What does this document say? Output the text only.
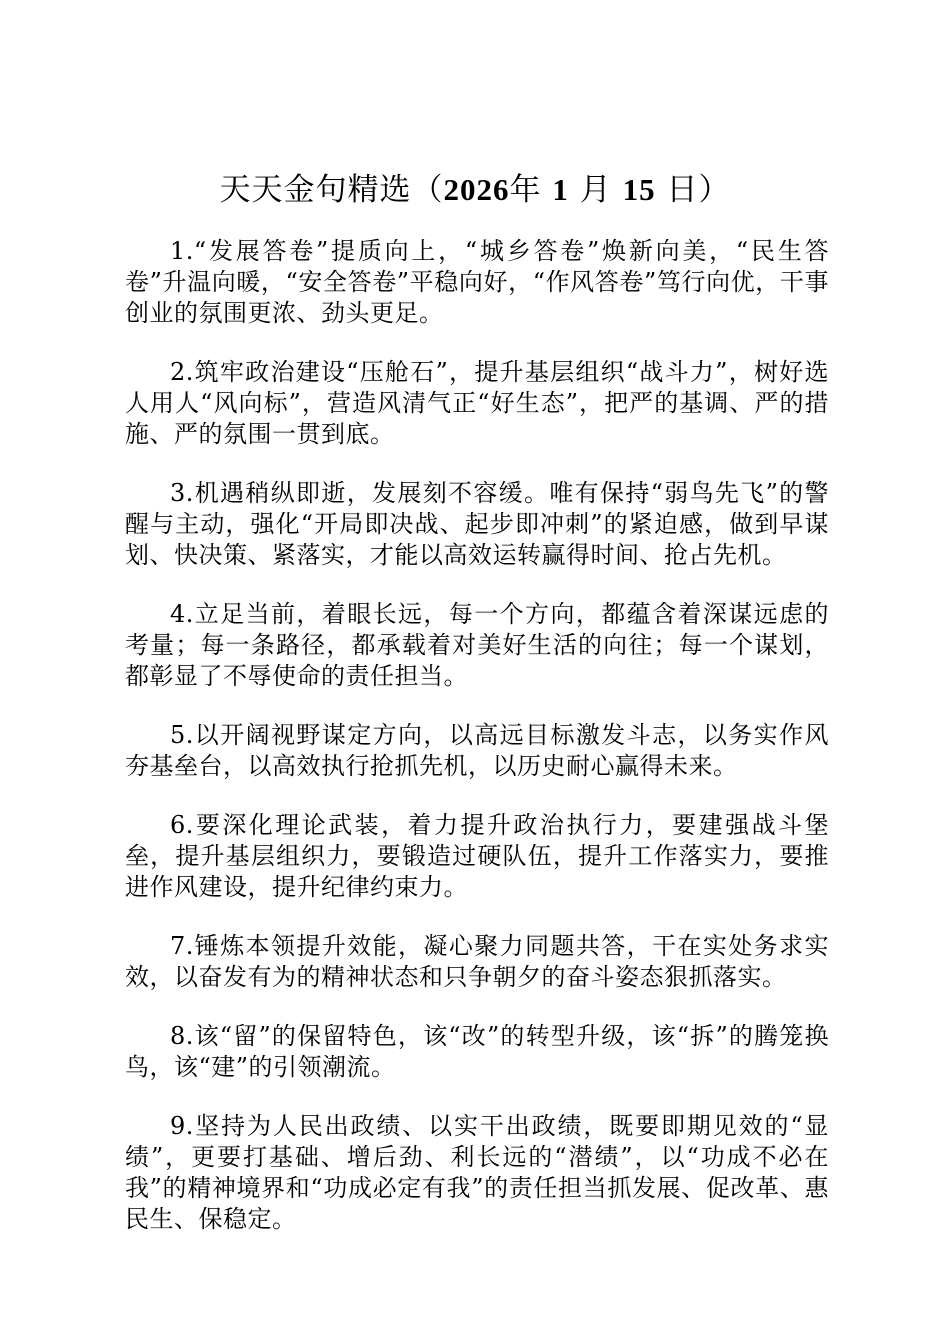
天天金句精选（2026年 1 月 15 日）

1.“发展答卷”提质向上，“城乡答卷”焕新向美，“民生答卷”升温向暖，“安全答卷”平稳向好，“作风答卷”笃行向优，干事创业的氛围更浓、劲头更足。

2.筑牢政治建设“压舱石”，提升基层组织“战斗力”，树好选人用人“风向标”，营造风清气正“好生态”，把严的基调、严的措施、严的氛围一贯到底。

3.机遇稍纵即逝，发展刻不容缓。唯有保持“弱鸟先飞”的警醒与主动，强化“开局即决战、起步即冲刺”的紧迫感，做到早谋划、快决策、紧落实，才能以高效运转赢得时间、抢占先机。

4.立足当前，着眼长远，每一个方向，都蕴含着深谋远虑的考量；每一条路径，都承载着对美好生活的向往；每一个谋划，都彰显了不辱使命的责任担当。

5.以开阔视野谋定方向，以高远目标激发斗志，以务实作风夯基垒台，以高效执行抢抓先机，以历史耐心赢得未来。

6.要深化理论武装，着力提升政治执行力，要建强战斗堡垒，提升基层组织力，要锻造过硬队伍，提升工作落实力，要推进作风建设，提升纪律约束力。

7.锤炼本领提升效能，凝心聚力同题共答，干在实处务求实效，以奋发有为的精神状态和只争朝夕的奋斗姿态狠抓落实。

8.该“留”的保留特色，该“改”的转型升级，该“拆”的腾笼换鸟，该“建”的引领潮流。

9.坚持为人民出政绩、以实干出政绩，既要即期见效的“显绩”，更要打基础、增后劲、利长远的“潜绩”，以“功成不必在我”的精神境界和“功成必定有我”的责任担当抓发展、促改革、惠民生、保稳定。
